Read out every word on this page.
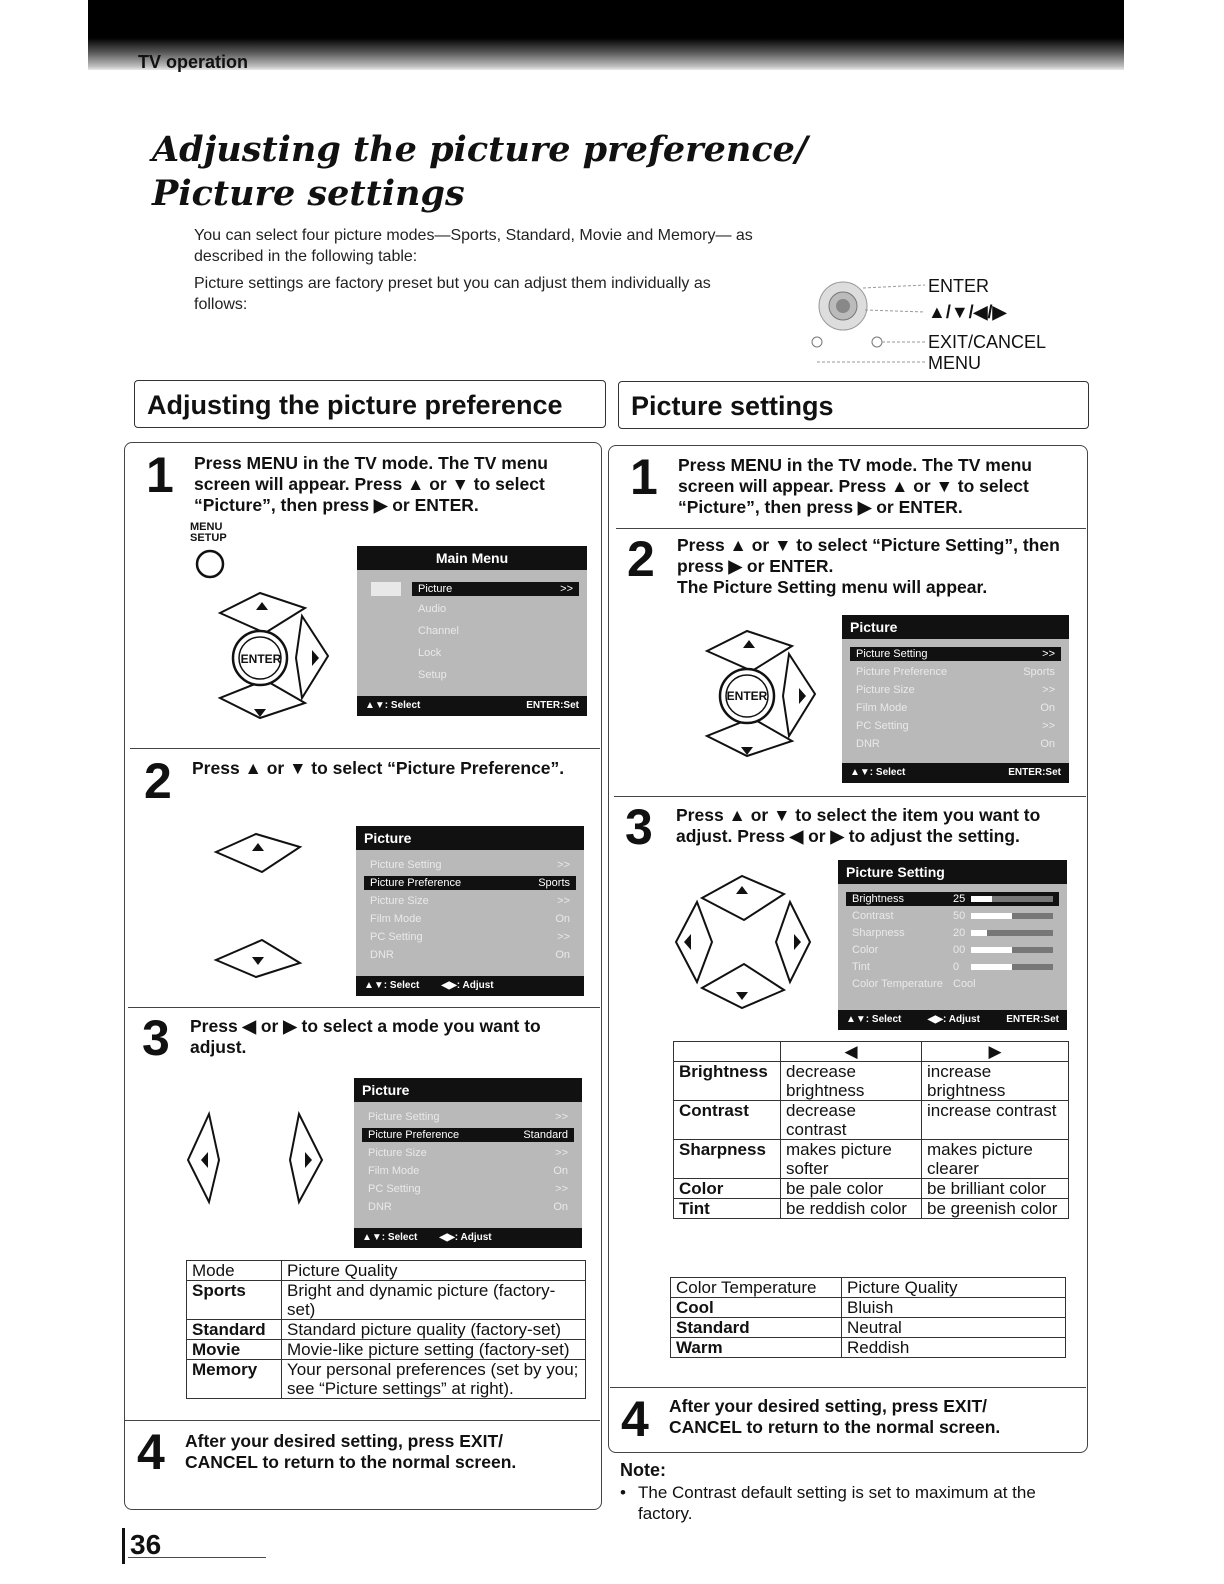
TV operation
Adjusting the picture preference/
Picture settings

You can select four picture modes—Sports, Standard, Movie and Memory— as described in the following table:

Picture settings are factory preset but you can adjust them individually as follows:

ENTER
▲/▼/◀/▶
EXIT/CANCEL
MENU
Adjusting the picture preference
1 Press MENU in the TV mode. The TV menu screen will appear. Press ▲ or ▼ to select “Picture”, then press ▶ or ENTER.
MENU
SETUP
ENTER
Main Menu
Picture	>>
Audio
Channel
Lock
Setup
▲▼: Select	ENTER:Set
2 Press ▲ or ▼ to select “Picture Preference”.
Picture
Picture Setting	>>
Picture Preference	Sports
Picture Size	>>
Film Mode	On
PC Setting	>>
DNR	On
▲▼: Select ◀▶: Adjust
3 Press ◀ or ▶ to select a mode you want to adjust.
Picture
Picture Setting	>>
Picture Preference	Standard
Picture Size	>>
Film Mode	On
PC Setting	>>
DNR	On
▲▼: Select ◀▶: Adjust
Mode	Picture Quality
Sports	Bright and dynamic picture (factory-set)
Standard	Standard picture quality (factory-set)
Movie	Movie-like picture setting (factory-set)
Memory	Your personal preferences (set by you; see “Picture settings” at right).
4 After your desired setting, press EXIT/ CANCEL to return to the normal screen.
Picture settings
1 Press MENU in the TV mode. The TV menu screen will appear. Press ▲ or ▼ to select “Picture”, then press ▶ or ENTER.
2 Press ▲ or ▼ to select “Picture Setting”, then press ▶ or ENTER.
The Picture Setting menu will appear.
ENTER
Picture
Picture Setting	>>
Picture Preference	Sports
Picture Size	>>
Film Mode	On
PC Setting	>>
DNR	On
▲▼: Select	ENTER:Set
3 Press ▲ or ▼ to select the item you want to adjust. Press ◀ or ▶ to adjust the setting.
Picture Setting
Brightness	25
Contrast	50
Sharpness	20
Color	00
Tint	0
Color Temperature Cool
▲▼: Select	◀▶: Adjust	ENTER:Set
	◀	▶
Brightness	decrease brightness	increase brightness
Contrast	decrease contrast	increase contrast
Sharpness	makes picture softer	makes picture clearer
Color	be pale color	be brilliant color
Tint	be reddish color	be greenish color
Color Temperature	Picture Quality
Cool	Bluish
Standard	Neutral
Warm	Reddish
4 After your desired setting, press EXIT/ CANCEL to return to the normal screen.
Note:
• The Contrast default setting is set to maximum at the factory.
36
